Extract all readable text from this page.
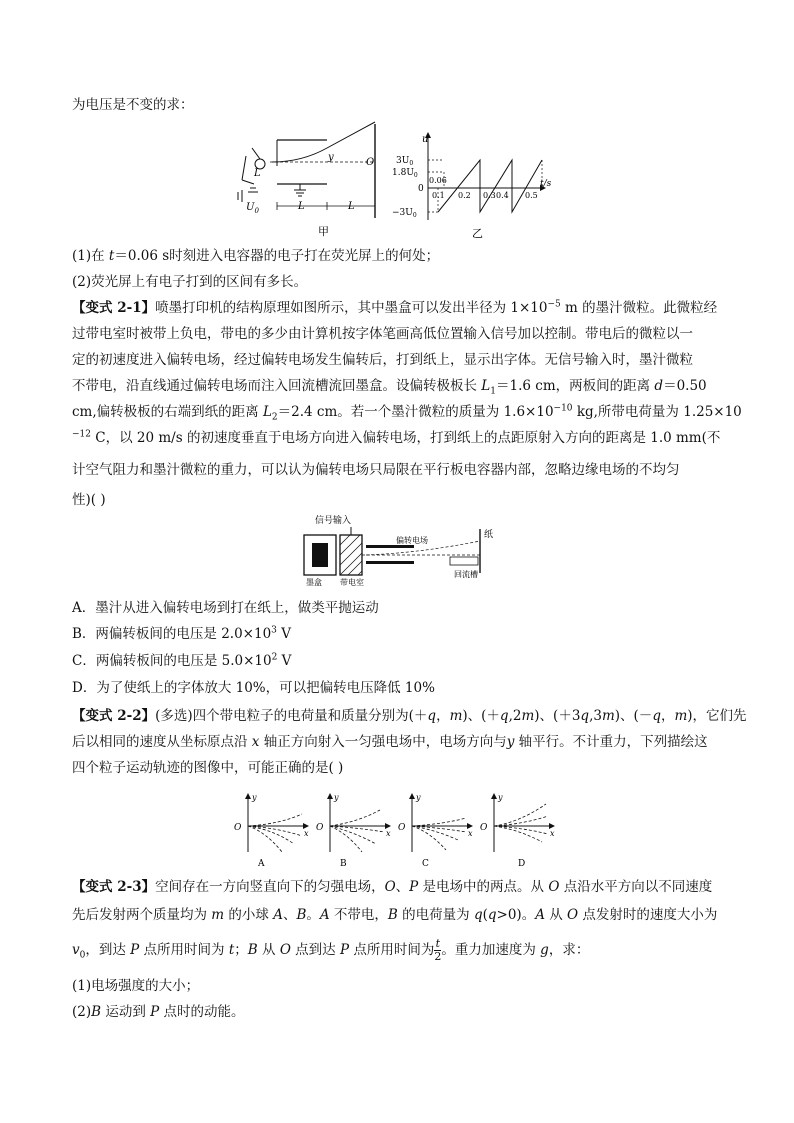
为电压是不变的求：
L
y	O
$U_0$	L	L
甲
u
t/s
$3U_0$
$1.8U_0$
0
$-3U_0$
0.06
0.1 0.2 0.3 0.4 0.5
乙
(1)在 t＝0.06 s时刻进入电容器的电子打在荧光屏上的何处；
(2)荧光屏上有电子打到的区间有多长。
【变式 2-1】喷墨打印机的结构原理如图所示，其中墨盒可以发出半径为 $1\times 10^{-5}$ m 的墨汁微粒。此微粒经
过带电室时被带上负电，带电的多少由计算机按字体笔画高低位置输入信号加以控制。带电后的微粒以一
定的初速度进入偏转电场，经过偏转电场发生偏转后，打到纸上，显示出字体。无信号输入时，墨汁微粒
不带电，沿直线通过偏转电场而注入回流槽流回墨盒。设偏转极板长 $L_1=1.6$ cm，两板间的距离 d＝0.50
cm,偏转极板的右端到纸的距离 $L_2=2.4$ cm。若一个墨汁微粒的质量为 $1.6\times 10^{-10}$ kg,所带电荷量为 1.25×10
$^{-12}$ C，以 20 m/s 的初速度垂直于电场方向进入偏转电场，打到纸上的点距原射入方向的距离是 1.0 mm(不
计空气阻力和墨汁微粒的重力，可以认为偏转电场只局限在平行板电容器内部，忽略边缘电场的不均匀
性)( )
信号输入
偏转电场
纸
墨盒 带电室
回流槽
A．墨汁从进入偏转电场到打在纸上，做类平抛运动
B．两偏转板间的电压是 $2.0\times 10^3$ V
C．两偏转板间的电压是 $5.0\times 10^2$ V
D．为了使纸上的字体放大 10%，可以把偏转电压降低 10%
【变式 2-2】(多选)四个带电粒子的电荷量和质量分别为(＋q，m)、(＋q,2m)、(＋3q,3m)、(－q，m)，它们先
后以相同的速度从坐标原点沿 x 轴正方向射入一匀强电场中，电场方向与y 轴平行。不计重力，下列描绘这
四个粒子运动轨迹的图像中，可能正确的是( )
O
y
x
A
O
y
x
B
O
y
x
C
O
y
x
D
【变式 2-3】空间存在一方向竖直向下的匀强电场，O、P 是电场中的两点。从 O 点沿水平方向以不同速度
先后发射两个质量均为 m 的小球 A、B。A 不带电，B 的电荷量为 q(q>0)。A 从 O 点发射时的速度大小为
$v_0$，到达 P 点所用时间为 t；B 从 O 点到达 P 点所用时间为 $\frac{t}{2}$ 。重力加速度为 g，求：
(1)电场强度的大小；
(2)B 运动到 P 点时的动能。
